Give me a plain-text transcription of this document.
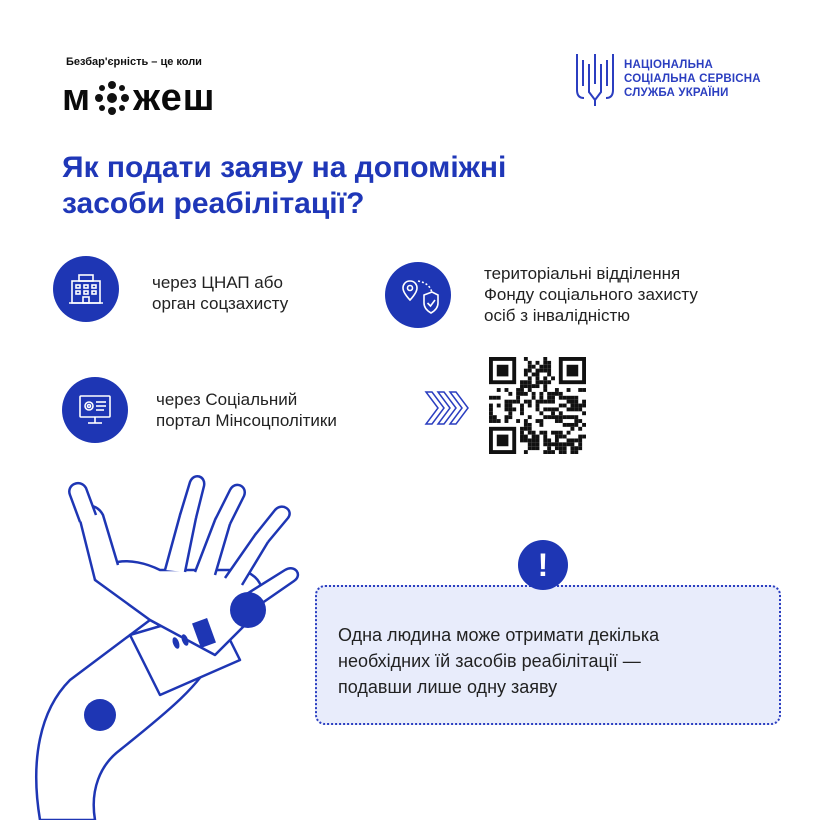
Безбар'єрність – це коли
м жеш
НАЦІОНАЛЬНА
СОЦІАЛЬНА СЕРВІСНА
СЛУЖБА УКРАЇНИ
Як подати заяву на допоміжні
засоби реабілітації?
через ЦНАП або
орган соцзахисту
територіальні відділення
Фонду соціального захисту
осіб з інвалідністю
через Соціальний
портал Мінсоцполітики
!
Одна людина може отримати декілька
необхідних їй засобів реабілітації —
подавши лише одну заяву
